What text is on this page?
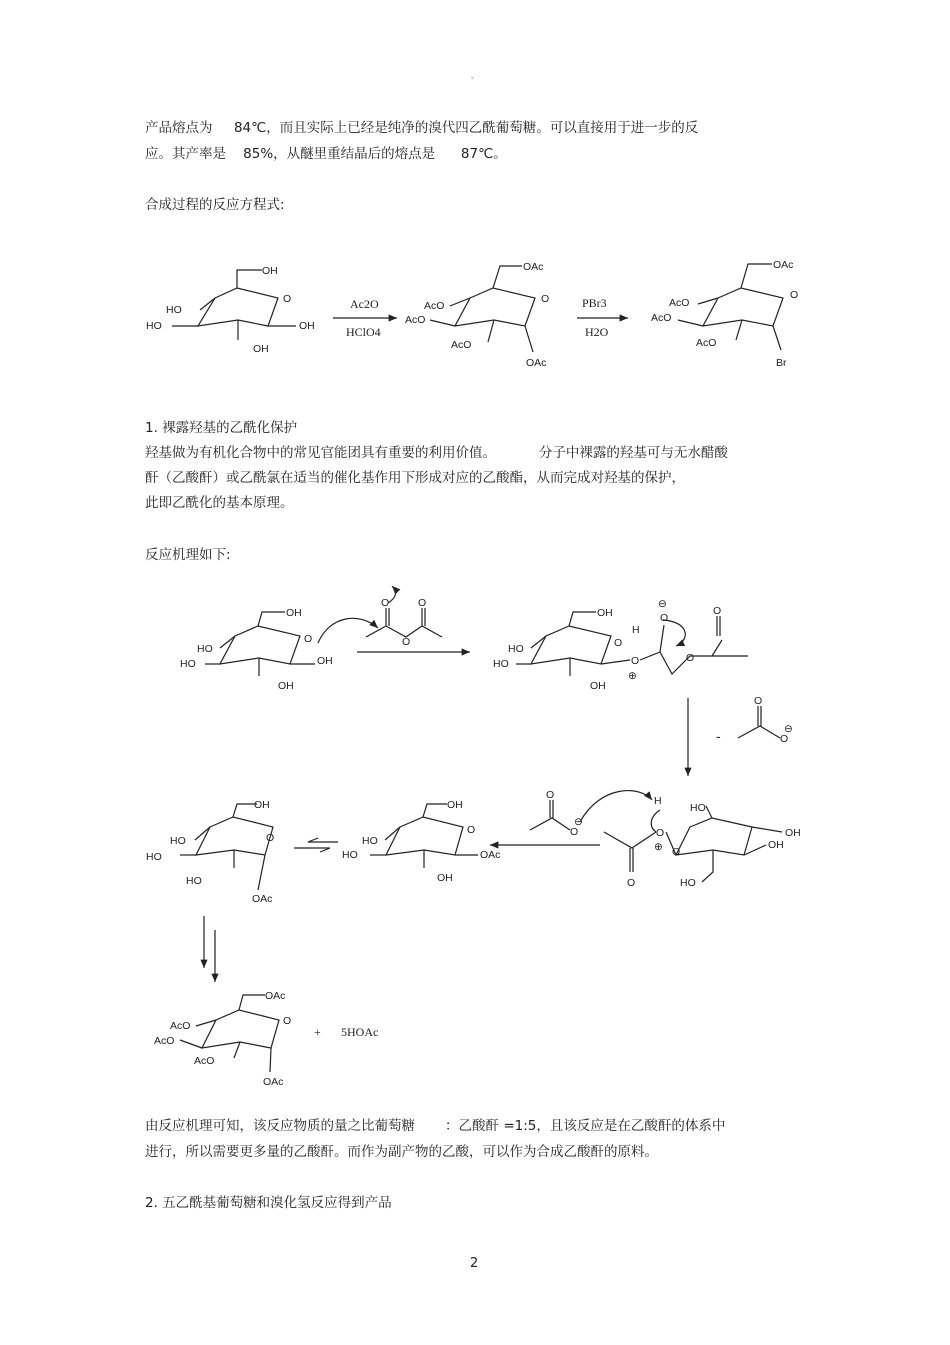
。
产品熔点为     84℃，而且实际上已经是纯净的溴代四乙酰葡萄糖。可以直接用于进一步的反
应。其产率是    85%，从醚里重结晶后的熔点是      87℃。
合成过程的反应方程式:
OH
O
HO
HO
OH
OH
Ac2O
HClO4
OAc
O
AcO
AcO
AcO
OAc
PBr3
H2O
OAc
O
AcO
AcO
AcO
Br
OH
O
HO
HO
OH
OH
O
O
O
OH
O
HO
HO
OH
H
O
⊕
⊖
O
O
O
-
O
O
⊖
HO
OH
OH
HO
O
H
O
⊕
O
O
O
⊖
OH
O
HO
HO
OH
OAc
OH
O
HO
HO
HO
OAc
OAc
O
AcO
AcO
AcO
OAc
+ 5HOAc
1. 裸露羟基的乙酰化保护
羟基做为有机化合物中的常见官能团具有重要的利用价值。          分子中裸露的羟基可与无水醋酸
酐（乙酸酐）或乙酰氯在适当的催化基作用下形成对应的乙酸酯，从而完成对羟基的保护，
此即乙酰化的基本原理。
反应机理如下:
由反应机理可知，该反应物质的量之比葡萄糖       ：乙酸酐 =1:5，且该反应是在乙酸酐的体系中
进行，所以需要更多量的乙酸酐。而作为副产物的乙酸，可以作为合成乙酸酐的原料。
2. 五乙酰基葡萄糖和溴化氢反应得到产品
2
